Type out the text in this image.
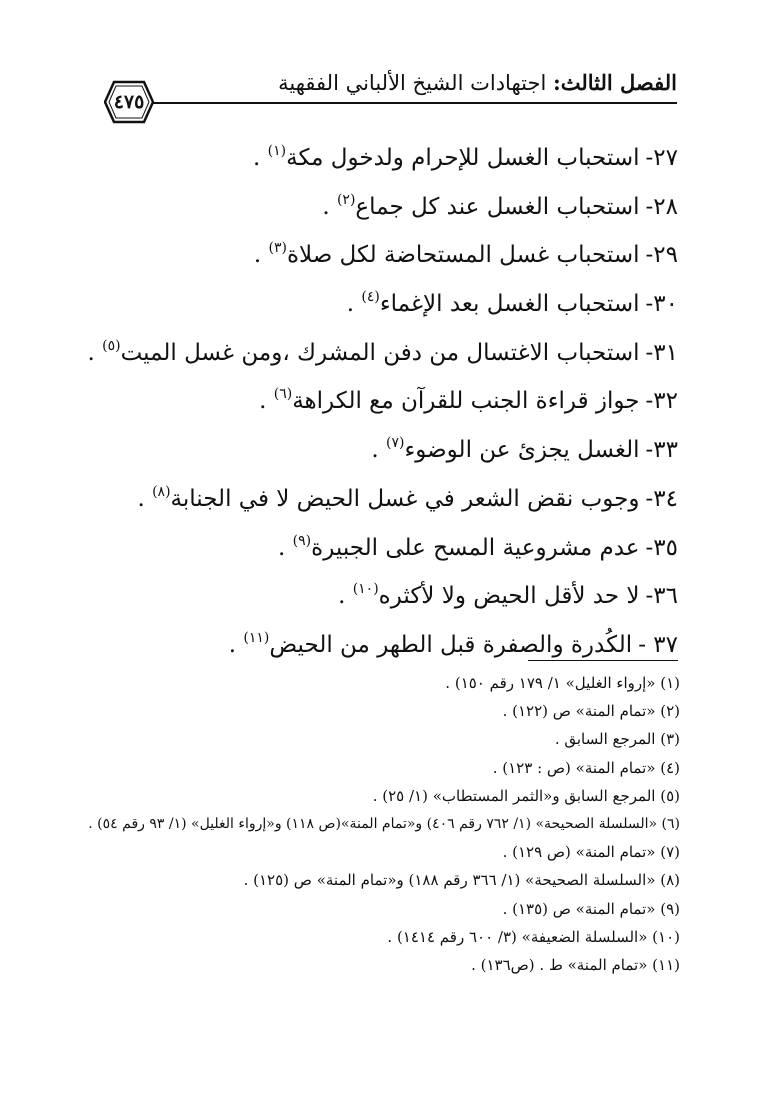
الفصل الثالث: اجتهادات الشيخ الألباني الفقهية
٤٧٥
٢٧-استحباب الغسل للإحرام ولدخول مكة$^{(١)}$ .
٢٨-استحباب الغسل عند كل جماع$^{(٢)}$ .
٢٩-استحباب غسل المستحاضة لكل صلاة$^{(٣)}$ .
٣٠-استحباب الغسل بعد الإغماء$^{(٤)}$ .
٣١-استحباب الاغتسال من دفن المشرك ،ومن غسل الميت$^{(٥)}$ .
٣٢-جواز قراءة الجنب للقرآن مع الكراهة$^{(٦)}$ .
٣٣-الغسل يجزئ عن الوضوء$^{(٧)}$ .
٣٤-وجوب نقض الشعر في غسل الحيض لا في الجنابة$^{(٨)}$ .
٣٥-عدم مشروعية المسح على الجبيرة$^{(٩)}$ .
٣٦-لا حد لأقل الحيض ولا لأكثره$^{(١٠)}$ .
٣٧ -الكُدرة والصفرة قبل الطهر من الحيض$^{(١١)}$ .
(١) «إرواء الغليل» ١/ ١٧٩ رقم ١٥٠) .
(٢) «تمام المنة» ص (١٢٢) .
(٣) المرجع السابق .
(٤) «تمام المنة» (ص : ١٢٣) .
(٥) المرجع السابق و«الثمر المستطاب» (١/ ٢٥) .
(٦) «السلسلة الصحيحة» (١/ ٧٦٢ رقم ٤٠٦) و«تمام المنة»(ص ١١٨) و«إرواء الغليل» (١/ ٩٣ رقم ٥٤) .
(٧) «تمام المنة» (ص ١٢٩) .
(٨) «السلسلة الصحيحة» (١/ ٣٦٦ رقم ١٨٨) و«تمام المنة» ص (١٢٥) .
(٩) «تمام المنة» ص (١٣٥) .
(١٠) «السلسلة الضعيفة» (٣/ ٦٠٠ رقم ١٤١٤) .
(١١) «تمام المنة» ط . (ص١٣٦) .
